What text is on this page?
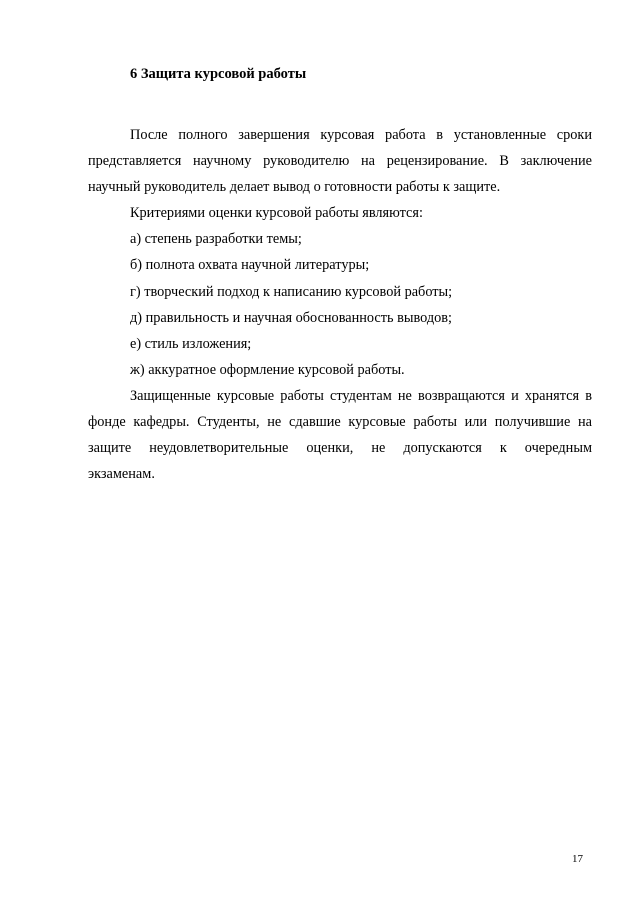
6 Защита курсовой работы
После полного завершения курсовая работа в установленные сроки
представляется научному руководителю на рецензирование. В заключение
научный руководитель делает вывод о готовности работы к защите.
Критериями оценки курсовой работы являются:
а) степень разработки темы;
б) полнота охвата научной литературы;
г) творческий подход к написанию курсовой работы;
д) правильность и научная обоснованность выводов;
е) стиль изложения;
ж) аккуратное оформление курсовой работы.
Защищенные курсовые работы студентам не возвращаются и хранятся в
фонде кафедры. Студенты, не сдавшие курсовые работы или получившие на
защите неудовлетворительные оценки, не допускаются к очередным
экзаменам.
17
